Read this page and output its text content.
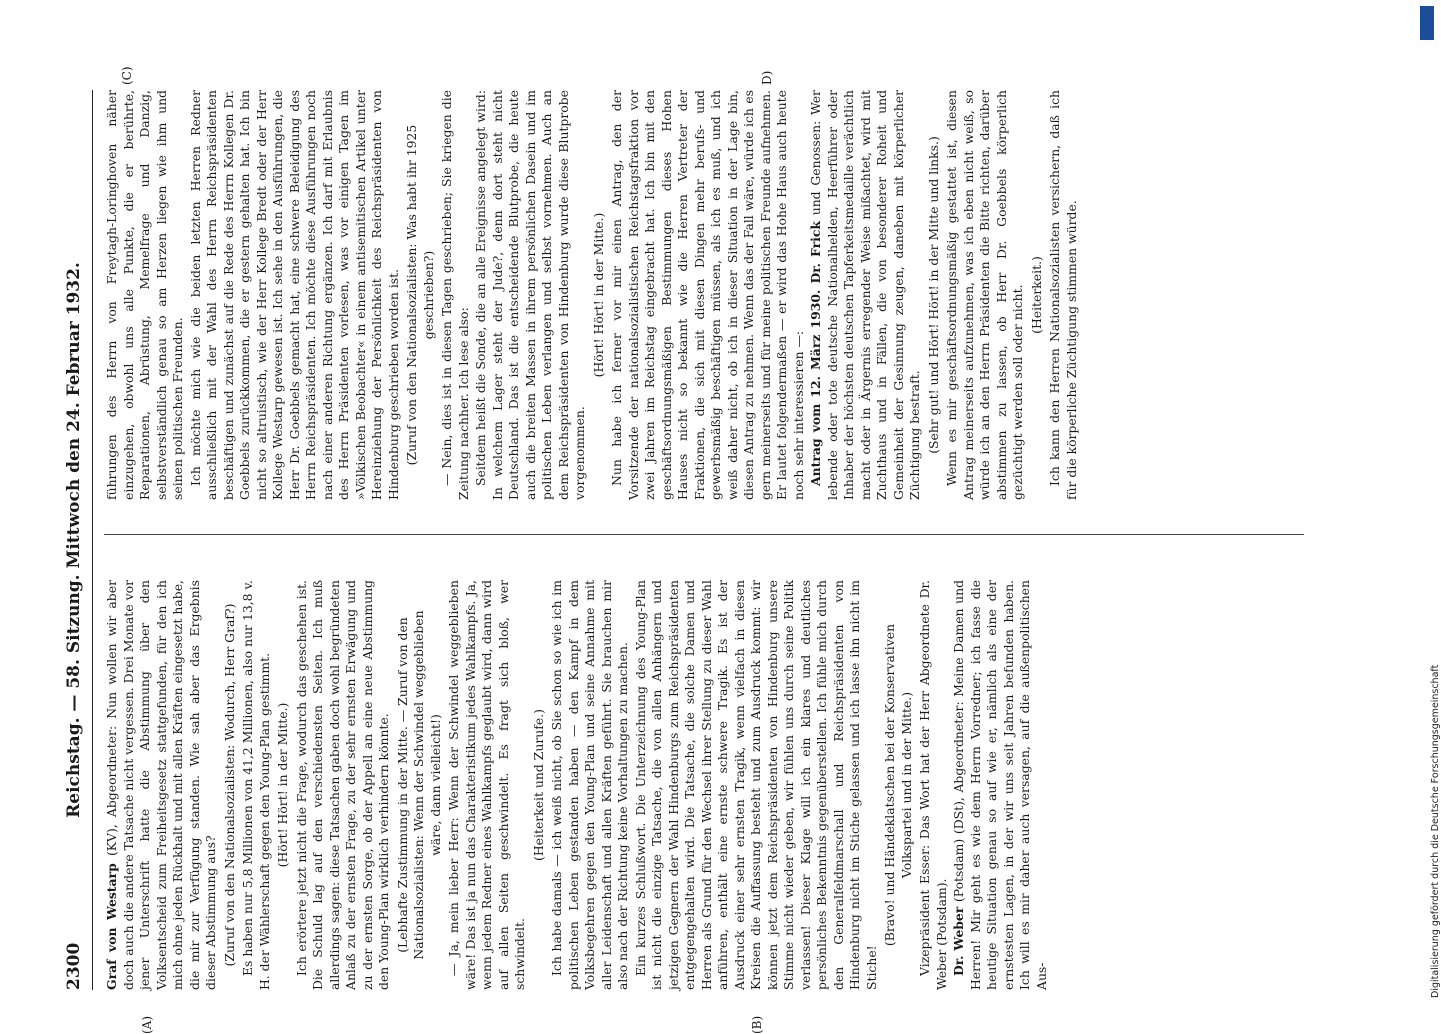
2300
Reichstag. — 58. Sitzung. Mittwoch den 24. Februar 1932.

Graf von Westarp (KV), Abgeordneter: Nun wollen wir aber doch auch die andere Tatsache nicht vergessen. Drei Monate vor jener Unterschrift hatte die Abstimmung über den Volksentscheid zum Freiheitsgesetz stattgefunden, für den ich mich ohne jeden Rückhalt und mit allen Kräften eingesetzt habe, die mir zur Verfügung standen. Wie sah aber das Ergebnis dieser Abstimmung aus? (Zuruf von den Nationalsozialisten: Wodurch, Herr Graf?) Es haben nur 5,8 Millionen von 41,2 Millionen, also nur 13,8 v. H. der Wählerschaft gegen den Young-Plan gestimmt. (Hört! Hört! in der Mitte.) Ich erörtere jetzt nicht die Frage, wodurch das geschehen ist. Die Schuld lag auf den verschiedensten Seiten. Ich muß allerdings sagen: diese Tatsachen gaben doch wohl begründeten Anlaß zu der ernsten Frage, zu der sehr ernsten Erwägung und zu der ernsten Sorge, ob der Appell an eine neue Abstimmung den Young-Plan wirklich verhindern könnte. (Lebhafte Zustimmung in der Mitte. — Zuruf von den Nationalsozialisten: Wenn der Schwindel weggeblieben wäre, dann vielleicht!) — Ja, mein lieber Herr: Wenn der Schwindel weggeblieben wäre! Das ist ja nun das Charakteristikum jedes Wahlkampfs. Ja, wenn jedem Redner eines Wahlkampfs geglaubt wird, dann wird auf allen Seiten geschwindelt. Es fragt sich bloß, wer schwindelt.

(Heiterkeit und Zurufe.) Ich habe damals — ich weiß nicht, ob Sie schon so wie ich im politischen Leben gestanden haben — den Kampf in dem Volksbegehren gegen den Young-Plan und seine Annahme mit aller Leidenschaft und allen Kräften geführt. Sie brauchen mir also nach der Richtung keine Vorhaltungen zu machen. Ein kurzes Schlußwort. Die Unterzeichnung des Young-Plan ist nicht die einzige Tatsache, die von allen Anhängern und jetzigen Gegnern der Wahl Hindenburgs zum Reichspräsidenten entgegengehalten wird. Die Tatsache, die solche Damen und Herren als Grund für den Wechsel ihrer Stellung zu dieser Wahl anführen, enthält eine ernste schwere Tragik. Es ist der Ausdruck einer sehr ernsten Tragik, wenn vielfach in diesen Kreisen die Auffassung besteht und zum Ausdruck kommt: wir können jetzt dem Reichspräsidenten von Hindenburg unsere Stimme nicht wieder geben, wir fühlen uns durch seine Politik verlassen! Dieser Klage will ich ein klares und deutliches persönliches Bekenntnis gegenüberstellen. Ich fühle mich durch den Generalfeldmarschall und Reichspräsidenten von Hindenburg nicht im Stiche gelassen und ich lasse ihn nicht im Stiche!

(Bravo! und Händeklatschen bei der Konservativen Volkspartei und in der Mitte.) Vizepräsident Esser: Das Wort hat der Herr Abgeordnete Dr. Weber (Potsdam). Dr. Weber (Potsdam) (DSt), Abgeordneter: Meine Damen und Herren! Mir geht es wie dem Herrn Vorredner; ich fasse die heutige Situation genau so auf wie er, nämlich als eine der ernstesten Lagen, in der wir uns seit Jahren befunden haben. Ich will es mir daher auch versagen, auf die außenpolitischen Aus-

führungen des Herrn von Freytagh-Loringhoven näher einzugehen, obwohl uns alle Punkte, die er berührte, Reparationen, Abrüstung, Memelfrage und Danzig, selbstverständlich genau so am Herzen liegen wie ihm und seinen politischen Freunden. Ich möchte mich wie die beiden letzten Herren Redner ausschließlich mit der Wahl des Herrn Reichspräsidenten beschäftigen und zunächst auf die Rede des Herrn Kollegen Dr. Goebbels zurückkommen, die er gestern gehalten hat. Ich bin nicht so altruistisch, wie der Herr Kollege Bredt oder der Herr Kollege Westarp gewesen ist. Ich sehe in den Ausführungen, die Herr Dr. Goebbels gemacht hat, eine schwere Beleidigung des Herrn Reichspräsidenten. Ich möchte diese Ausführungen noch nach einer anderen Richtung ergänzen. Ich darf mit Erlaubnis des Herrn Präsidenten vorlesen, was vor einigen Tagen im »Völkischen Beobachter« in einem antisemitischen Artikel unter Hereinziehung der Persönlichkeit des Reichspräsidenten von Hindenburg geschrieben worden ist. (Zuruf von den Nationalsozialisten: Was habt ihr 1925 geschrieben?) — Nein, dies ist in diesen Tagen geschrieben; Sie kriegen die Zeitung nachher. Ich lese also: Seitdem heißt die Sonde, die an alle Ereignisse angelegt wird: In welchem Lager steht der Jude?, denn dort steht nicht Deutschland. Das ist die entscheidende Blutprobe, die heute auch die breiten Massen in ihrem persönlichen Dasein und im politischen Leben verlangen und selbst vornehmen. Auch an dem Reichspräsidenten von Hindenburg wurde diese Blutprobe vorgenommen.

(Hört! Hört! in der Mitte.) Nun habe ich ferner vor mir einen Antrag, den der Vorsitzende der nationalsozialistischen Reichstagsfraktion vor zwei Jahren im Reichstag eingebracht hat. Ich bin mit den geschäftsordnungsmäßigen Bestimmungen dieses Hohen Hauses nicht so bekannt wie die Herren Vertreter der Fraktionen, die sich mit diesen Dingen mehr berufs- und gewerbsmäßig beschäftigen müssen, als ich es muß, und ich weiß daher nicht, ob ich in dieser Situation in der Lage bin, diesen Antrag zu nehmen. Wenn das der Fall wäre, würde ich es gern meinerseits und für meine politischen Freunde aufnehmen. Er lautet folgendermaßen — er wird das Hohe Haus auch heute noch sehr interessieren —: Antrag vom 12. März 1930. Dr. Frick und Genossen: Wer lebende oder tote deutsche Nationalhelden, Heerführer oder Inhaber der höchsten deutschen Tapferkeitsmedaille verächtlich macht oder in Ärgernis erregender Weise mißachtet, wird mit Zuchthaus und in Fällen, die von besonderer Roheit und Gemeinheit der Gesinnung zeugen, daneben mit körperlicher Züchtigung bestraft. (Sehr gut! und Hört! Hört! in der Mitte und links.) Wenn es mir geschäftsordnungsmäßig gestattet ist, diesen Antrag meinerseits aufzunehmen, was ich eben nicht weiß, so würde ich an den Herrn Präsidenten die Bitte richten, darüber abstimmen zu lassen, ob Herr Dr. Goebbels körperlich gezüchtigt werden soll oder nicht. (Heiterkeit.) Ich kann den Herren Nationalsozialisten versichern, daß ich für die körperliche Züchtigung stimmen würde.

(A)	(B)
(C)	D)
Digitalisierung gefördert durch die Deutsche Forschungsgemeinschaft
